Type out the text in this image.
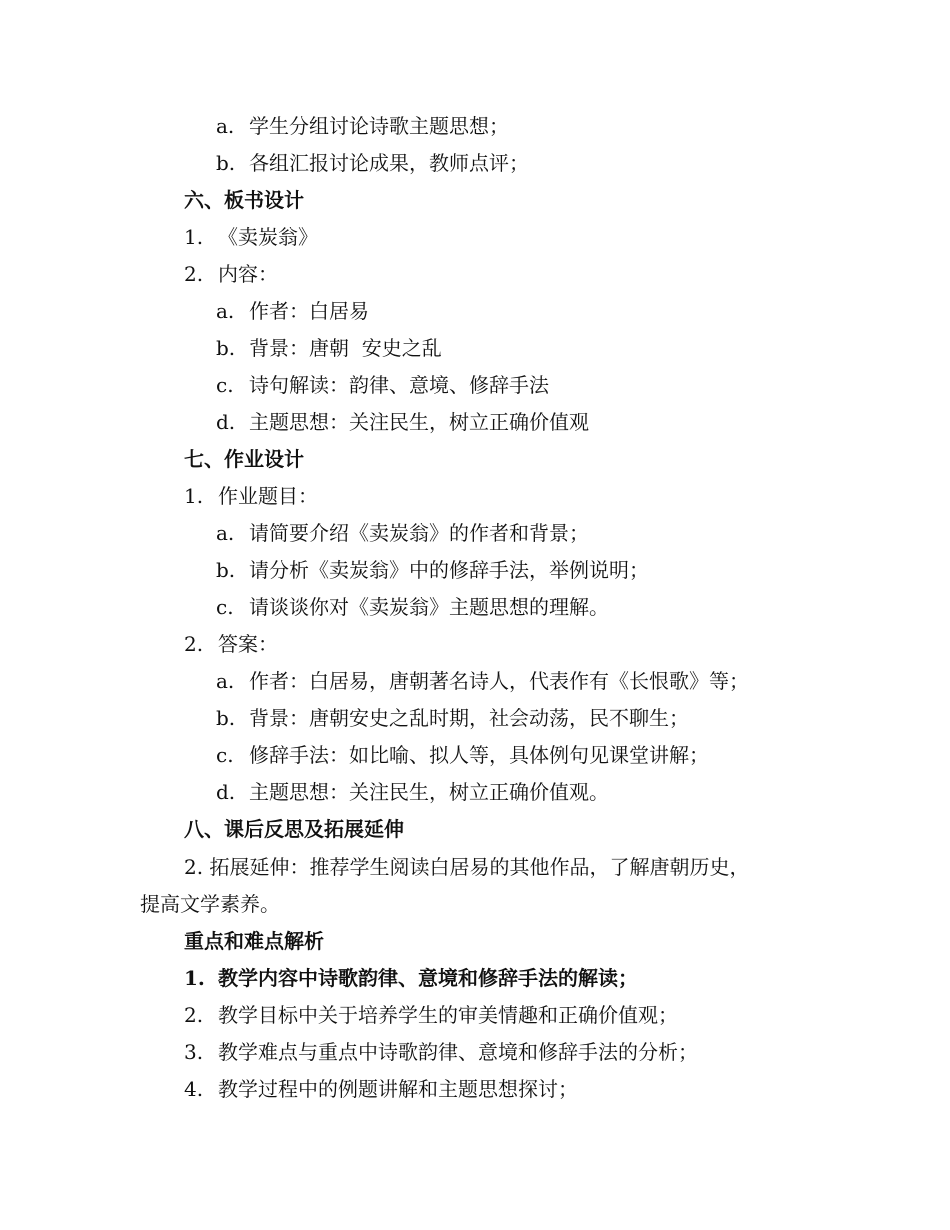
a. 学生分组讨论诗歌主题思想；
b. 各组汇报讨论成果，教师点评；
六、板书设计
1. 《卖炭翁》
2. 内容：
a. 作者：白居易
b. 背景：唐朝  安史之乱
c. 诗句解读：韵律、意境、修辞手法
d. 主题思想：关注民生，树立正确价值观
七、作业设计
1. 作业题目：
a. 请简要介绍《卖炭翁》的作者和背景；
b. 请分析《卖炭翁》中的修辞手法，举例说明；
c. 请谈谈你对《卖炭翁》主题思想的理解。
2. 答案：
a. 作者：白居易，唐朝著名诗人，代表作有《长恨歌》等；
b. 背景：唐朝安史之乱时期，社会动荡，民不聊生；
c. 修辞手法：如比喻、拟人等，具体例句见课堂讲解；
d. 主题思想：关注民生，树立正确价值观。
八、课后反思及拓展延伸
2. 拓展延伸：推荐学生阅读白居易的其他作品，了解唐朝历史，
提高文学素养。
重点和难点解析
1. 教学内容中诗歌韵律、意境和修辞手法的解读；
2. 教学目标中关于培养学生的审美情趣和正确价值观；
3. 教学难点与重点中诗歌韵律、意境和修辞手法的分析；
4. 教学过程中的例题讲解和主题思想探讨；
